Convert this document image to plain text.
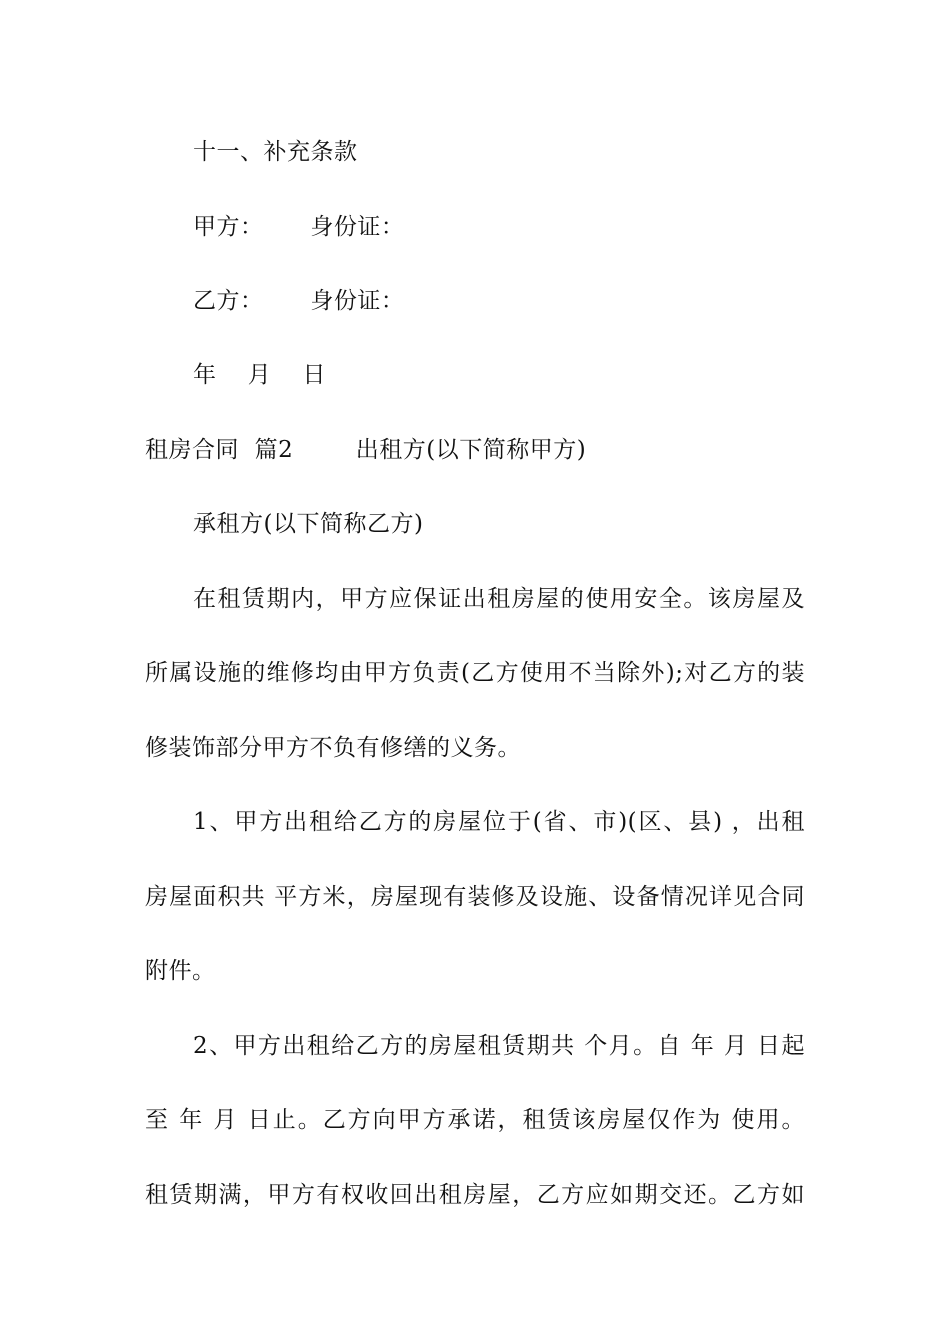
十一、补充条款
甲方：      身份证：
乙方：      身份证：
年    月    日
租房合同  篇2        出租方(以下简称甲方)
承租方(以下简称乙方)
在租赁期内，甲方应保证出租房屋的使用安全。该房屋及
所属设施的维修均由甲方负责(乙方使用不当除外);对乙方的装
修装饰部分甲方不负有修缮的义务。
1、甲方出租给乙方的房屋位于(省、市)(区、县) ，出租
房屋面积共 平方米，房屋现有装修及设施、设备情况详见合同
附件。
2、甲方出租给乙方的房屋租赁期共 个月。自 年 月 日起
至 年 月 日止。乙方向甲方承诺，租赁该房屋仅作为 使用。
租赁期满，甲方有权收回出租房屋，乙方应如期交还。乙方如
